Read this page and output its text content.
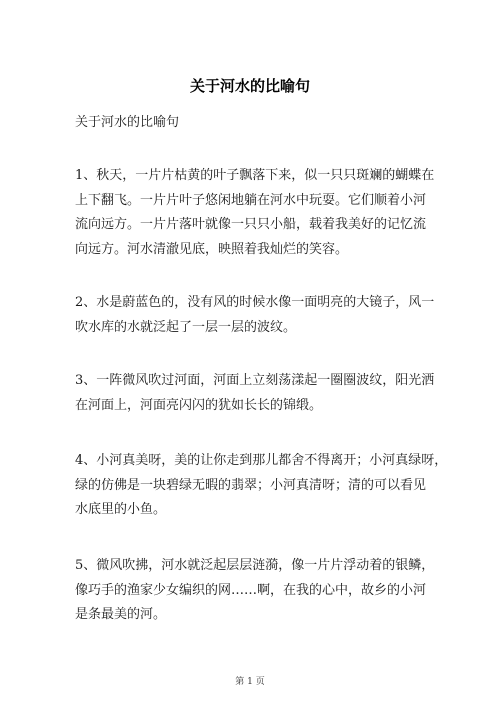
关于河水的比喻句
关于河水的比喻句
1、秋天，一片片枯黄的叶子飘落下来，似一只只斑斓的蝴蝶在
上下翻飞。一片片叶子悠闲地躺在河水中玩耍。它们顺着小河
流向远方。一片片落叶就像一只只小船，载着我美好的记忆流
向远方。河水清澈见底，映照着我灿烂的笑容。
2、水是蔚蓝色的，没有风的时候水像一面明亮的大镜子，风一
吹水库的水就泛起了一层一层的波纹。
3、一阵微风吹过河面，河面上立刻荡漾起一圈圈波纹，阳光洒
在河面上，河面亮闪闪的犹如长长的锦缎。
4、小河真美呀，美的让你走到那儿都舍不得离开；小河真绿呀，
绿的仿佛是一块碧绿无暇的翡翠；小河真清呀；清的可以看见
水底里的小鱼。
5、微风吹拂，河水就泛起层层涟漪，像一片片浮动着的银鳞，
像巧手的渔家少女编织的网……啊，在我的心中，故乡的小河
是条最美的河。
第 1 页
